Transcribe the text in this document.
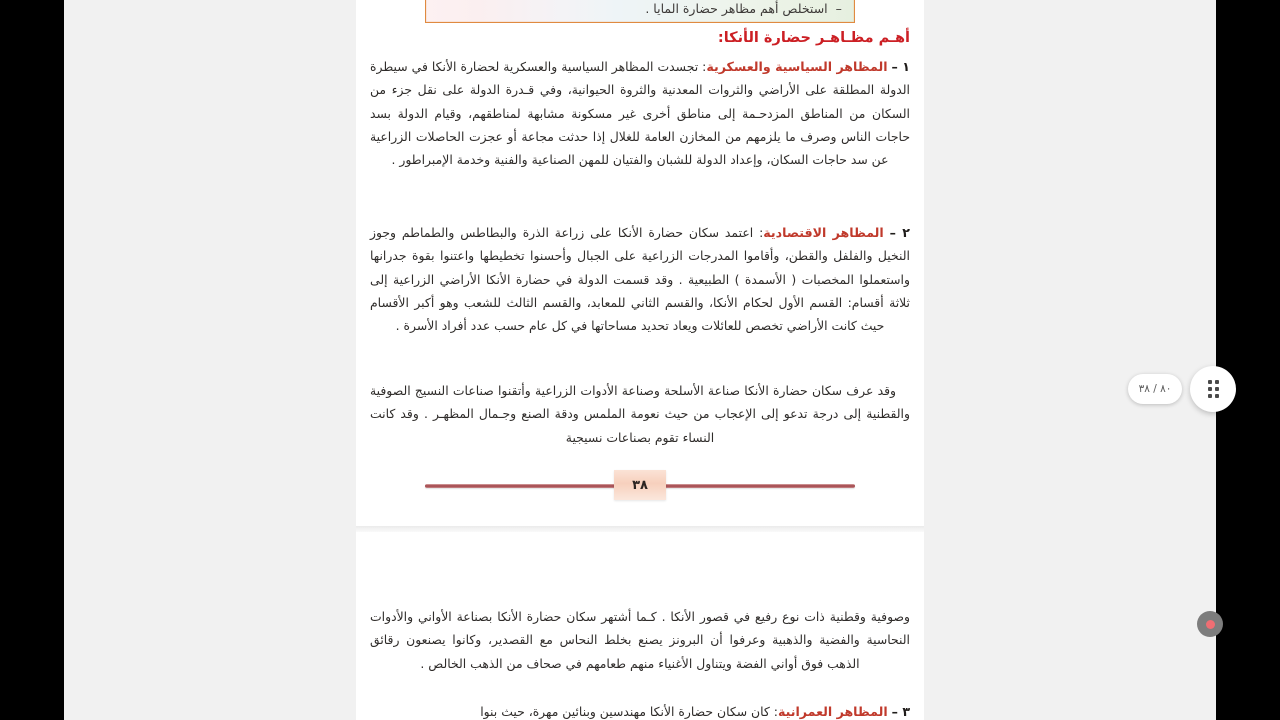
–استخلص أهم مظاهر حضارة المايا .
أهـم مظـاهـر حضارة الأنكا:
١ – المظاهر السياسية والعسكرية: تجسدت المظاهر السياسية والعسكرية لحضارة الأنكا في سيطرة الدولة المطلقة على الأراضي والثروات المعدنية والثروة الحيوانية، وفي قـدرة الدولة على نقل جزء من السكان من المناطق المزدحـمة إلى مناطق أخرى غير مسكونة مشابهة لمناطقهم، وقيام الدولة بسد حاجات الناس وصرف ما يلزمهم من المخازن العامة للغلال إذا حدثت مجاعة أو عجزت الحاصلات الزراعية عن سد حاجات السكان، وإعداد الدولة للشبان والفتيان للمهن الصناعية والفنية وخدمة الإمبراطور .
٢ – المظاهر الاقتصادية: اعتمد سكان حضارة الأنكا على زراعة الذرة والبطاطس والطماطم وجوز النخيل والفلفل والقطن، وأقاموا المدرجات الزراعية على الجبال وأحسنوا تخطيطها واعتنوا بقوة جدرانها واستعملوا المخصبات ( الأسمدة ) الطبيعية . وقد قسمت الدولة في حضارة الأنكا الأراضي الزراعية إلى ثلاثة أقسام: القسم الأول لحكام الأنكا، والقسم الثاني للمعابد، والقسم الثالث للشعب وهو أكبر الأقسام حيث كانت الأراضي تخصص للعائلات ويعاد تحديد مساحاتها في كل عام حسب عدد أفراد الأسرة .
وقد عرف سكان حضارة الأنكا صناعة الأسلحة وصناعة الأدوات الزراعية وأتقنوا صناعات النسيج الصوفية والقطنية إلى درجة تدعو إلى الإعجاب من حيث نعومة الملمس ودقة الصنع وجـمال المظهـر . وقد كانت النساء تقوم بصناعات نسيجية
٣٨
وصوفية وقطنية ذات نوع رفيع في قصور الأنكا . كـما أشتهر سكان حضارة الأنكا بصناعة الأواني والأدوات النحاسية والفضية والذهبية وعرفوا أن البرونز يصنع بخلط النحاس مع القصدير، وكانوا يصنعون رقائق الذهب فوق أواني الفضة ويتناول الأغنياء منهم طعامهم في صحاف من الذهب الخالص .
٣ – المظاهر العمرانية: كان سكان حضارة الأنكا مهندسين وبنائين مهرة، حيث بنوا
٨٠ / ٣٨
